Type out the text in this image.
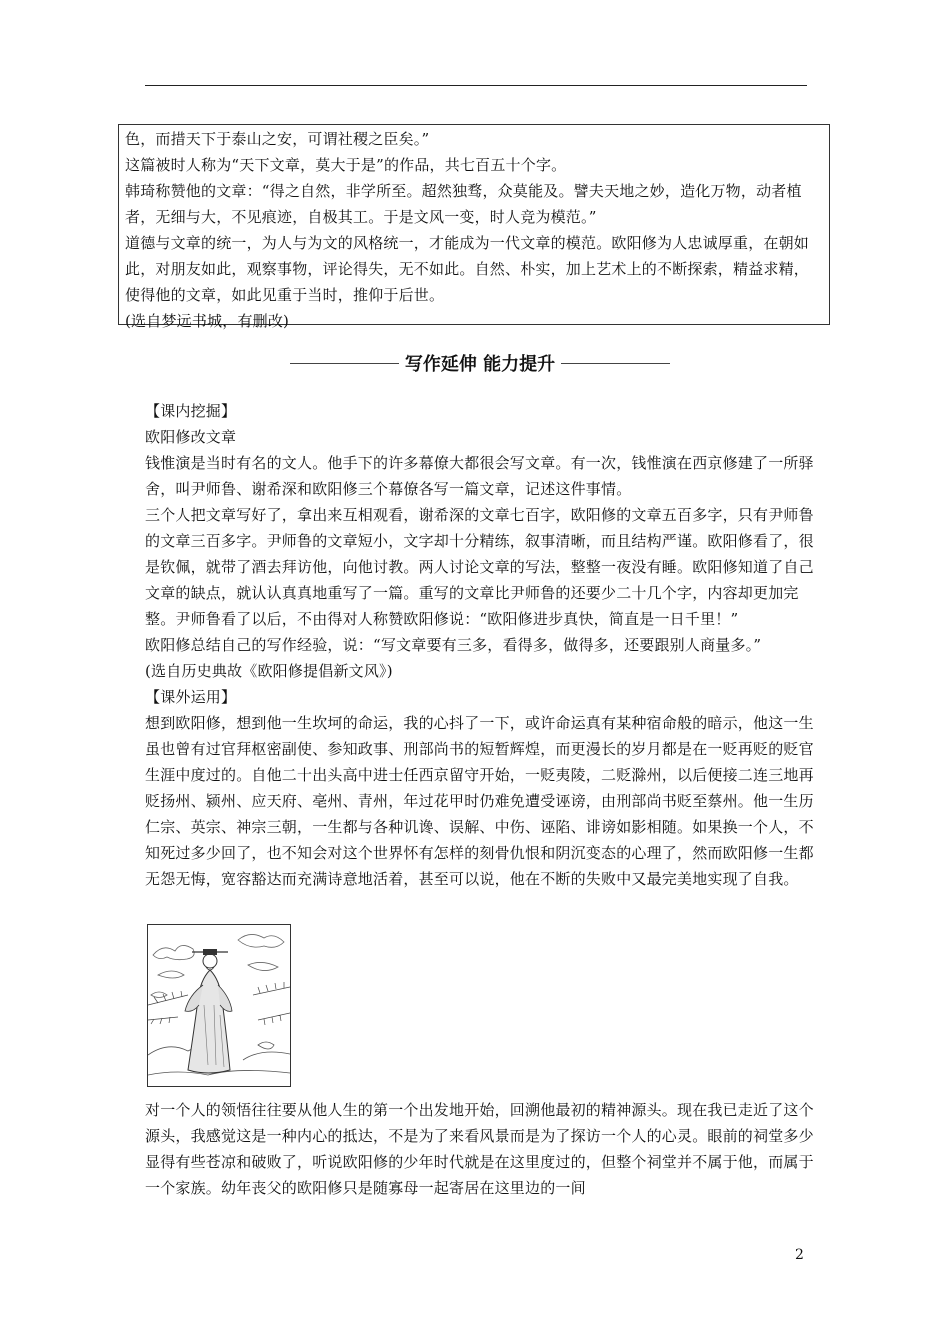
色，而措天下于泰山之安，可谓社稷之臣矣。”

这篇被时人称为“天下文章，莫大于是”的作品，共七百五十个字。

韩琦称赞他的文章：“得之自然，非学所至。超然独骛，众莫能及。譬夫天地之妙，造化万物，动者植者，无细与大，不见痕迹，自极其工。于是文风一变，时人竞为模范。”

道德与文章的统一，为人与为文的风格统一，才能成为一代文章的模范。欧阳修为人忠诚厚重，在朝如此，对朋友如此，观察事物，评论得失，无不如此。自然、朴实，加上艺术上的不断探索，精益求精，使得他的文章，如此见重于当时，推仰于后世。

(选自梦远书城，有删改)

写作延伸 能力提升

【课内挖掘】

欧阳修改文章

钱惟演是当时有名的文人。他手下的许多幕僚大都很会写文章。有一次，钱惟演在西京修建了一所驿舍，叫尹师鲁、谢希深和欧阳修三个幕僚各写一篇文章，记述这件事情。

三个人把文章写好了，拿出来互相观看，谢希深的文章七百字，欧阳修的文章五百多字，只有尹师鲁的文章三百多字。尹师鲁的文章短小，文字却十分精练，叙事清晰，而且结构严谨。欧阳修看了，很是钦佩，就带了酒去拜访他，向他讨教。两人讨论文章的写法，整整一夜没有睡。欧阳修知道了自己文章的缺点，就认认真真地重写了一篇。重写的文章比尹师鲁的还要少二十几个字，内容却更加完整。尹师鲁看了以后，不由得对人称赞欧阳修说：“欧阳修进步真快，简直是一日千里！”

欧阳修总结自己的写作经验，说：“写文章要有三多，看得多，做得多，还要跟别人商量多。”

(选自历史典故《欧阳修提倡新文风》)

【课外运用】

想到欧阳修，想到他一生坎坷的命运，我的心抖了一下，或许命运真有某种宿命般的暗示，他这一生虽也曾有过官拜枢密副使、参知政事、刑部尚书的短暂辉煌，而更漫长的岁月都是在一贬再贬的贬官生涯中度过的。自他二十出头高中进士任西京留守开始，一贬夷陵，二贬滁州，以后便接二连三地再贬扬州、颍州、应天府、亳州、青州，年过花甲时仍难免遭受诬谤，由刑部尚书贬至蔡州。他一生历仁宗、英宗、神宗三朝，一生都与各种讥谗、误解、中伤、诬陷、诽谤如影相随。如果换一个人，不知死过多少回了，也不知会对这个世界怀有怎样的刻骨仇恨和阴沉变态的心理了，然而欧阳修一生都无怨无悔，宽容豁达而充满诗意地活着，甚至可以说，他在不断的失败中又最完美地实现了自我。

对一个人的领悟往往要从他人生的第一个出发地开始，回溯他最初的精神源头。现在我已走近了这个源头，我感觉这是一种内心的抵达，不是为了来看风景而是为了探访一个人的心灵。眼前的祠堂多少显得有些苍凉和破败了，听说欧阳修的少年时代就是在这里度过的，但整个祠堂并不属于他，而属于一个家族。幼年丧父的欧阳修只是随寡母一起寄居在这里边的一间

2
